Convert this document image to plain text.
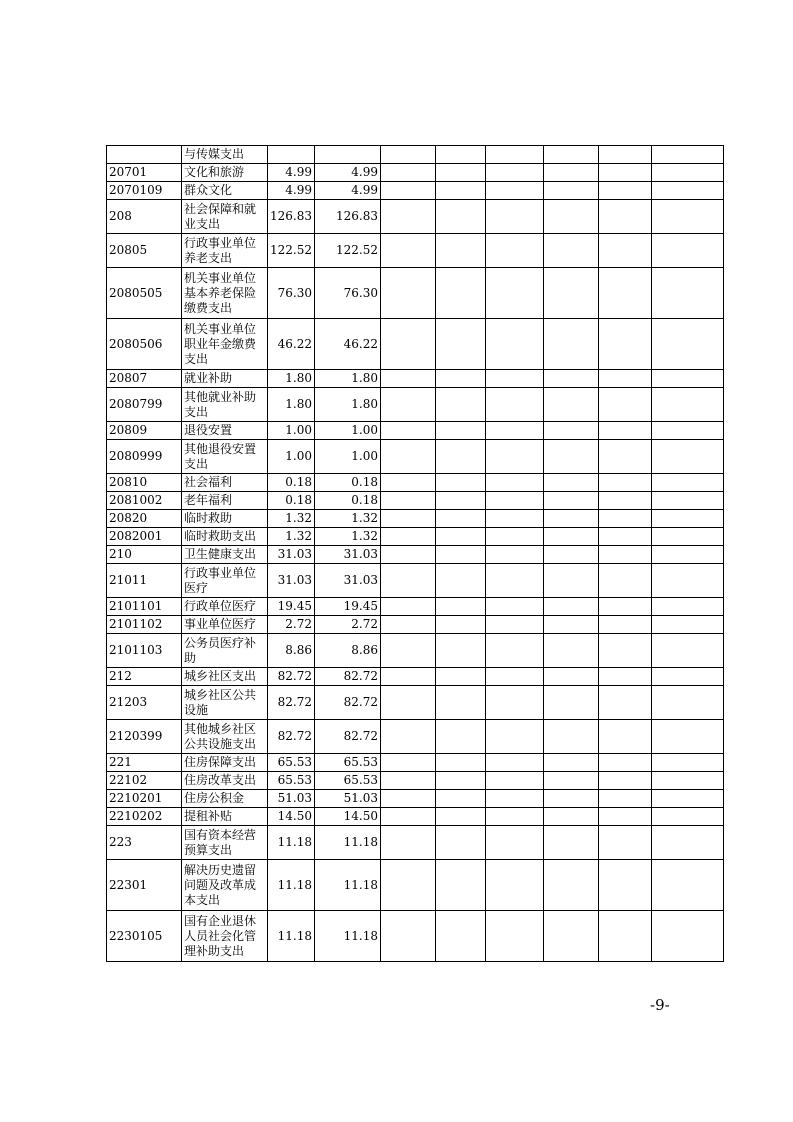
	与传媒支出								
20701	文化和旅游	4.99	4.99						
2070109	群众文化	4.99	4.99						
208	社会保障和就业支出	126.83	126.83						
20805	行政事业单位养老支出	122.52	122.52						
2080505	机关事业单位基本养老保险缴费支出	76.30	76.30						
2080506	机关事业单位职业年金缴费支出	46.22	46.22						
20807	就业补助	1.80	1.80						
2080799	其他就业补助支出	1.80	1.80						
20809	退役安置	1.00	1.00						
2080999	其他退役安置支出	1.00	1.00						
20810	社会福利	0.18	0.18						
2081002	老年福利	0.18	0.18						
20820	临时救助	1.32	1.32						
2082001	临时救助支出	1.32	1.32						
210	卫生健康支出	31.03	31.03						
21011	行政事业单位医疗	31.03	31.03						
2101101	行政单位医疗	19.45	19.45						
2101102	事业单位医疗	2.72	2.72						
2101103	公务员医疗补助	8.86	8.86						
212	城乡社区支出	82.72	82.72						
21203	城乡社区公共设施	82.72	82.72						
2120399	其他城乡社区公共设施支出	82.72	82.72						
221	住房保障支出	65.53	65.53						
22102	住房改革支出	65.53	65.53						
2210201	住房公积金	51.03	51.03						
2210202	提租补贴	14.50	14.50						
223	国有资本经营预算支出	11.18	11.18						
22301	解决历史遗留问题及改革成本支出	11.18	11.18						
2230105	国有企业退休人员社会化管理补助支出	11.18	11.18						
-9-
